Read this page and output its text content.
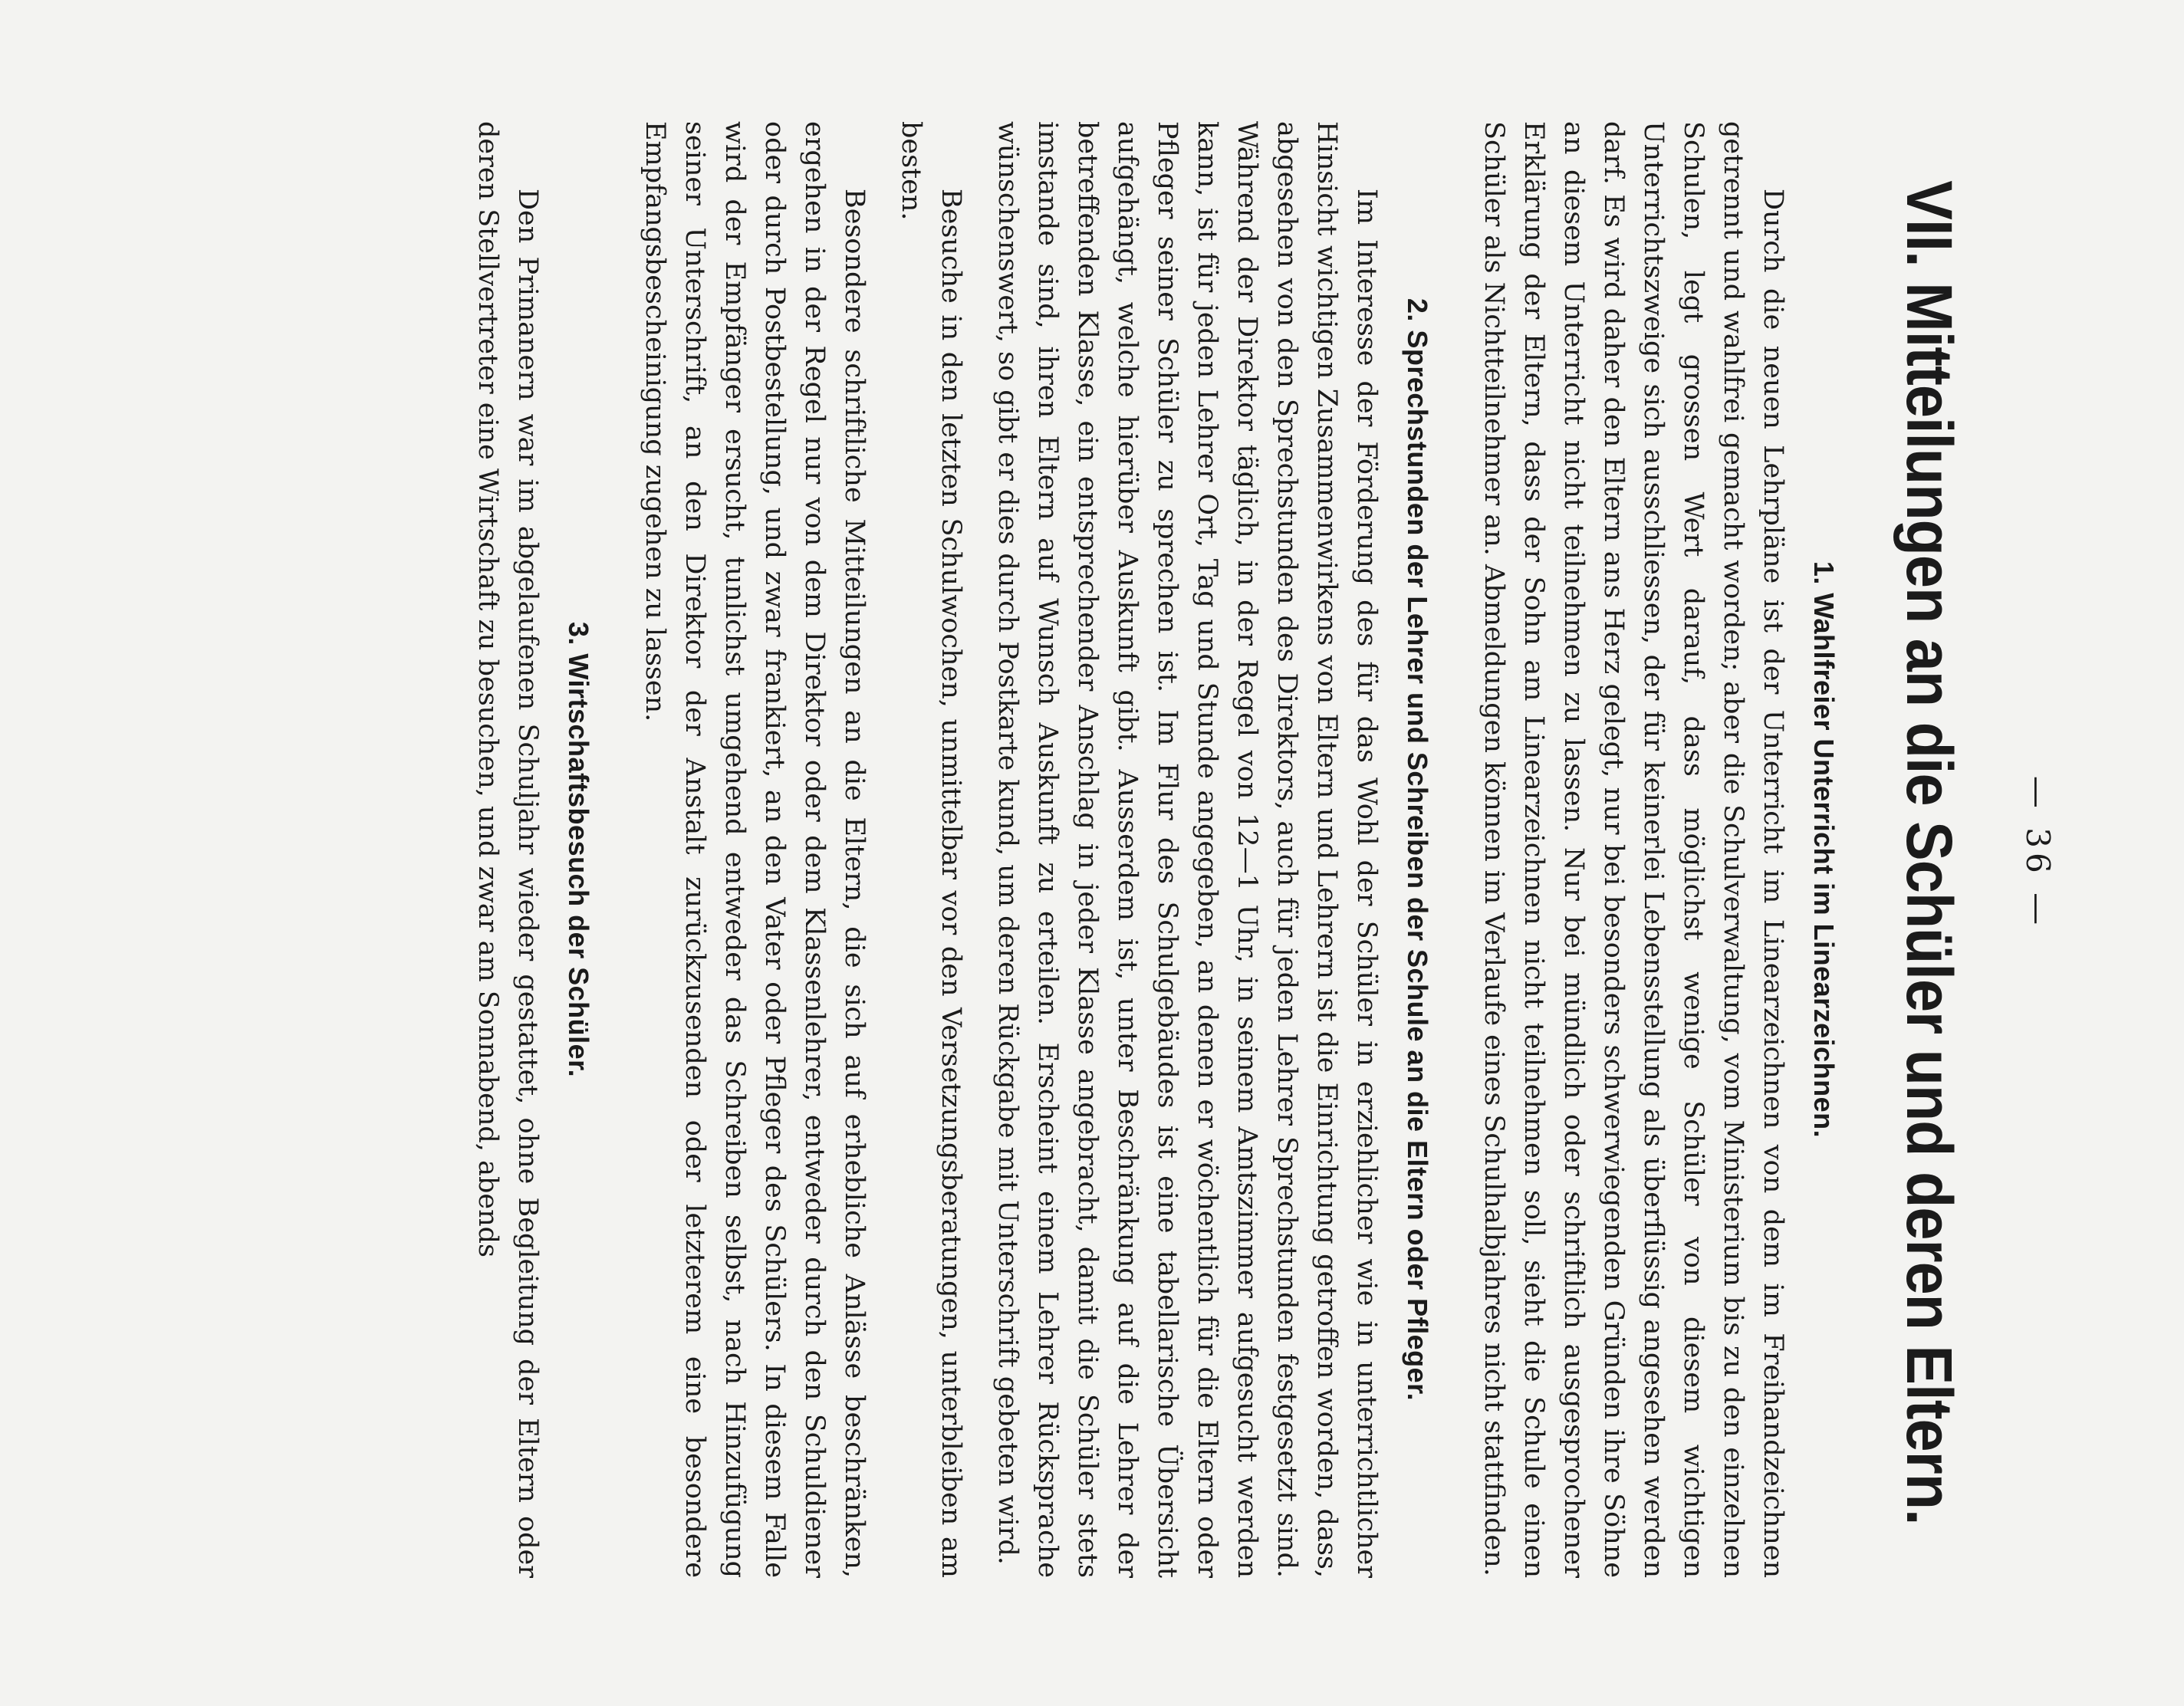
— 36 —
VII. Mitteilungen an die Schüler und deren Eltern.
1. Wahlfreier Unterricht im Linearzeichnen.

Durch die neuen Lehrpläne ist der Unterricht im Linearzeichnen von dem im Freihandzeichnen getrennt und wahlfrei gemacht worden; aber die Schulverwaltung, vom Ministerium bis zu den einzelnen Schulen, legt grossen Wert darauf, dass möglichst wenige Schüler von diesem wichtigen Unterrichtszweige sich ausschliessen, der für keinerlei Lebensstellung als überflüssig angesehen werden darf. Es wird daher den Eltern ans Herz gelegt, nur bei besonders schwerwiegenden Gründen ihre Söhne an diesem Unterricht nicht teilnehmen zu lassen. Nur bei mündlich oder schriftlich ausgesprochener Erklärung der Eltern, dass der Sohn am Linearzeichnen nicht teilnehmen soll, sieht die Schule einen Schüler als Nichtteilnehmer an. Abmeldungen können im Verlaufe eines Schulhalbjahres nicht stattfinden.

2. Sprechstunden der Lehrer und Schreiben der Schule an die Eltern oder Pfleger.

Im Interesse der Förderung des für das Wohl der Schüler in erziehlicher wie in unterrichtlicher Hinsicht wichtigen Zusammenwirkens von Eltern und Lehrern ist die Einrichtung getroffen worden, dass, abgesehen von den Sprechstunden des Direktors, auch für jeden Lehrer Sprechstunden festgesetzt sind. Während der Direktor täglich, in der Regel von 12—1 Uhr, in seinem Amtszimmer aufgesucht werden kann, ist für jeden Lehrer Ort, Tag und Stunde angegeben, an denen er wöchentlich für die Eltern oder Pfleger seiner Schüler zu sprechen ist. Im Flur des Schulgebäudes ist eine tabellarische Übersicht aufgehängt, welche hierüber Auskunft gibt. Ausserdem ist, unter Beschränkung auf die Lehrer der betreffenden Klasse, ein entsprechender Anschlag in jeder Klasse angebracht, damit die Schüler stets imstande sind, ihren Eltern auf Wunsch Auskunft zu erteilen. Erscheint einem Lehrer Rücksprache wünschenswert, so gibt er dies durch Postkarte kund, um deren Rückgabe mit Unterschrift gebeten wird.

Besuche in den letzten Schulwochen, unmittelbar vor den Versetzungsberatungen, unterbleiben am besten.

Besondere schriftliche Mitteilungen an die Eltern, die sich auf erhebliche Anlässe beschränken, ergehen in der Regel nur von dem Direktor oder dem Klassenlehrer, entweder durch den Schuldiener oder durch Postbestellung, und zwar frankiert, an den Vater oder Pfleger des Schülers. In diesem Falle wird der Empfänger ersucht, tunlichst umgehend entweder das Schreiben selbst, nach Hinzufügung seiner Unterschrift, an den Direktor der Anstalt zurückzusenden oder letzterem eine besondere Empfangsbescheinigung zugehen zu lassen.

3. Wirtschaftsbesuch der Schüler.

Den Primanern war im abgelaufenen Schuljahr wieder gestattet, ohne Begleitung der Eltern oder deren Stellvertreter eine Wirtschaft zu besuchen, und zwar am Sonnabend, abends
